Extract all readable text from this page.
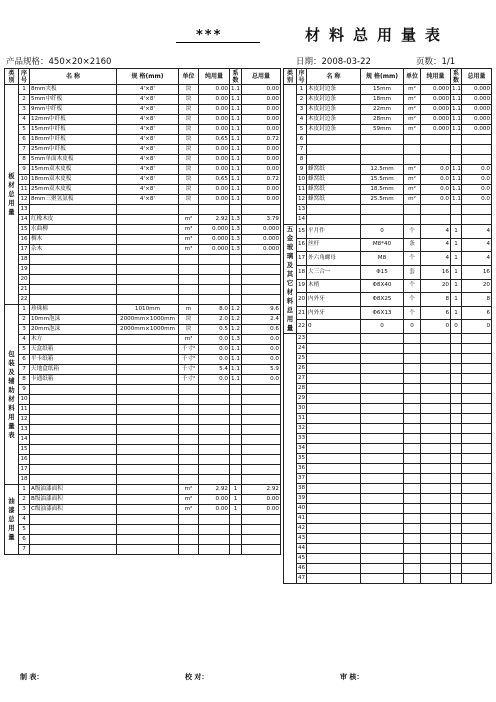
***	材料总用量表
产品规格：450×20×2160	日期：2008-03-22	页数：1/1
类别	序号	名 称	规 格(mm)	单位	纯用量	系数	总用量
板材总用量	1	8mm夹板	4'×8'	块	0.00	1.1	0.00
	2	5mm中纤板	4'×8'	块	0.00	1.1	0.00
	3	9mm中纤板	4'×8'	块	0.00	1.1	0.00
	4	12mm中纤板	4'×8'	块	0.00	1.1	0.00
	5	15mm中纤板	4'×8'	块	0.00	1.1	0.00
	6	18mm中纤板	4'×8'	块	0.65	1.1	0.72
	7	25mm中纤板	4'×8'	块	0.00	1.1	0.00
	8	5mm单面木皮板	4'×8'	块	0.00	1.1	0.00
	9	15mm双木皮板	4'×8'	块	0.00	1.1	0.00
	10	18mm双木皮板	4'×8'	块	0.65	1.1	0.72
	11	25mm双木皮板	4'×8'	块	0.00	1.1	0.00
	12	8mm三聚氢氨板	4'×8'	块	0.00	1.1	0.00
	13						
	14	红橡木皮		m²	2.92	1.3	3.79
	15	水曲柳		m³	0.000	1.3	0.000
	16	椆木		m³	0.000	1.3	0.000
	17	杂木		m³	0.000	1.3	0.000
	18						
	19						
	20						
	21						
	22						
包装及辅助材料用量表	1	珍珠棉	1010mm	m	8.0	1.2	9.6
	2	10mm泡沫	2000mm×1000mm	块	2.0	1.2	2.4
	3	20mm泡沫	2000mm×1000mm	块	0.5	1.2	0.6
	4	木方		m³	0.0	1.3	0.0
	5	天盒纸箱		千寸²	0.0	1.1	0.0
	6	平卡纸箱		千寸²	0.0	1.1	0.0
	7	天地盒纸箱		千寸²	5.4	1.1	5.9
	8	卡通纸箱		千寸²	0.0	1.1	0.0
	9						
	10						
	11						
	12						
	13						
	14						
	15						
	16						
	17						
	18						
油漆总用量	1	A级油漆面积		m²	2.92	1	2.92
	2	B级油漆面积		m²	0.00	1	0.00
	3	C级油漆面积		m²	0.00	1	0.00
	4						
	5						
	6						
	7						
类别	序号	名 称	规 格(mm)	单位	纯用量	系数	总用量
	1	木皮封边条	15mm	m²	0.000	1.1	0.000
	2	木皮封边条	18mm	m²	0.000	1.1	0.000
	3	木皮封边条	22mm	m²	0.000	1.1	0.000
	4	木皮封边条	28mm	m²	0.000	1.1	0.000
	5	木皮封边条	59mm	m²	0.000	1.1	0.000
	6						
	7						
	8						
	9	蜂窝纸	12.5mm	m²	0.0	1.1	0.0
	10	蜂窝纸	15.5mm	m²	0.0	1.1	0.0
	11	蜂窝纸	18.5mm	m²	0.0	1.1	0.0
	12	蜂窝纸	25.5mm	m²	0.0	1.1	0.0
	13						
	14						
五金玻璃及其它材料总用量	15	平月件	0	个	4	1	4
	16	丝杆	M8*40	条	4	1	4
	17	外六角螺母	M8	个	4	1	4
	18	大三合一	Φ15	套	16	1	16
	19	木梢	Φ8X40	个	20	1	20
	20	内外牙	Φ8X25	个	8	1	8
	21	内外牙	Φ6X13	个	6	1	6
	22	0	0	0	0	0	0
	23						
	24						
	25						
	26						
	27						
	28						
	29						
	30						
	31						
	32						
	33						
	34						
	35						
	36						
	37						
	38						
	39						
	40						
	41						
	42						
	43						
	44						
	45						
	46						
	47						
制 表：	校 对：	审 核：
